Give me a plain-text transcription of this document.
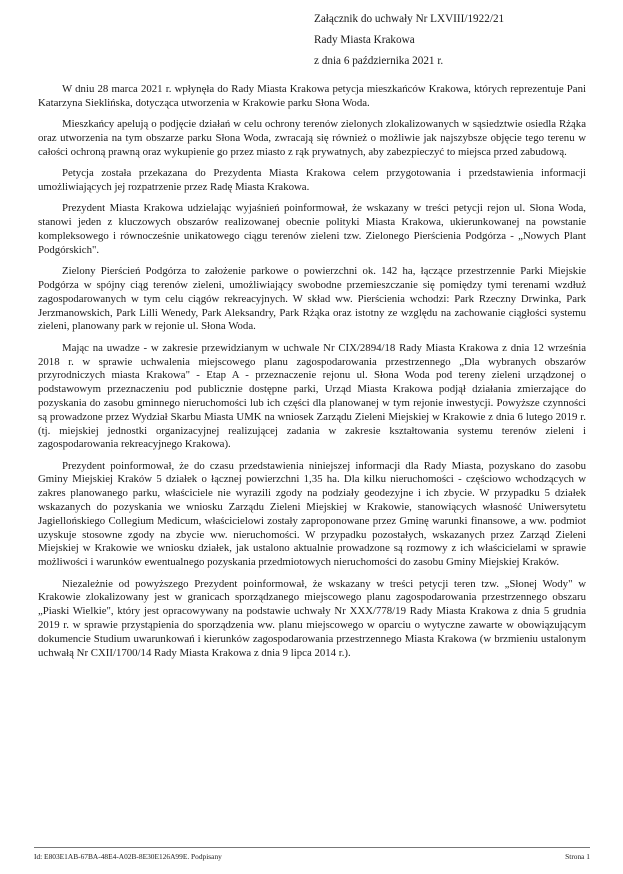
Załącznik do uchwały Nr LXVIII/1922/21
Rady Miasta Krakowa
z dnia 6 października 2021 r.

W dniu 28 marca 2021 r. wpłynęła do Rady Miasta Krakowa petycja mieszkańców Krakowa, których reprezentuje Pani Katarzyna Sieklińska, dotycząca utworzenia w Krakowie parku Słona Woda.

Mieszkańcy apelują o podjęcie działań w celu ochrony terenów zielonych zlokalizowanych w sąsiedztwie osiedla Rżąka oraz utworzenia na tym obszarze parku Słona Woda, zwracają się również o możliwie jak najszybsze objęcie tego terenu w całości ochroną prawną oraz wykupienie go przez miasto z rąk prywatnych, aby zabezpieczyć to miejsca przed zabudową.

Petycja została przekazana do Prezydenta Miasta Krakowa celem przygotowania i przedstawienia informacji umożliwiających jej rozpatrzenie przez Radę Miasta Krakowa.

Prezydent Miasta Krakowa udzielając wyjaśnień poinformował, że wskazany w treści petycji rejon ul. Słona Woda, stanowi jeden z kluczowych obszarów realizowanej obecnie polityki Miasta Krakowa, ukierunkowanej na powstanie kompleksowego i równocześnie unikatowego ciągu terenów zieleni tzw. Zielonego Pierścienia Podgórza - „Nowych Plant Podgórskich".

Zielony Pierścień Podgórza to założenie parkowe o powierzchni ok. 142 ha, łączące przestrzennie Parki Miejskie Podgórza w spójny ciąg terenów zieleni, umożliwiający swobodne przemieszczanie się pomiędzy tymi terenami wzdłuż zagospodarowanych w tym celu ciągów rekreacyjnych. W skład ww. Pierścienia wchodzi: Park Rzeczny Drwinka, Park Jerzmanowskich, Park Lilli Wenedy, Park Aleksandry, Park Rżąka oraz istotny ze względu na zachowanie ciągłości systemu zieleni, planowany park w rejonie ul. Słona Woda.

Mając na uwadze - w zakresie przewidzianym w uchwale Nr CIX/2894/18 Rady Miasta Krakowa z dnia 12 września 2018 r. w sprawie uchwalenia miejscowego planu zagospodarowania przestrzennego „Dla wybranych obszarów przyrodniczych miasta Krakowa" - Etap A - przeznaczenie rejonu ul. Słona Woda pod tereny zieleni urządzonej o podstawowym przeznaczeniu pod publicznie dostępne parki, Urząd Miasta Krakowa podjął działania zmierzające do pozyskania do zasobu gminnego nieruchomości lub ich części dla planowanej w tym rejonie inwestycji. Powyższe czynności są prowadzone przez Wydział Skarbu Miasta UMK na wniosek Zarządu Zieleni Miejskiej w Krakowie z dnia 6 lutego 2019 r. (tj. miejskiej jednostki organizacyjnej realizującej zadania w zakresie kształtowania systemu terenów zieleni i zagospodarowania rekreacyjnego Krakowa).

Prezydent poinformował, że do czasu przedstawienia niniejszej informacji dla Rady Miasta, pozyskano do zasobu Gminy Miejskiej Kraków 5 działek o łącznej powierzchni 1,35 ha. Dla kilku nieruchomości - częściowo wchodzących w zakres planowanego parku, właściciele nie wyrazili zgody na podziały geodezyjne i ich zbycie. W przypadku 5 działek wskazanych do pozyskania we wniosku Zarządu Zieleni Miejskiej w Krakowie, stanowiących własność Uniwersytetu Jagiellońskiego Collegium Medicum, właścicielowi zostały zaproponowane przez Gminę warunki finansowe, a ww. podmiot uzyskuje stosowne zgody na zbycie ww. nieruchomości. W przypadku pozostałych, wskazanych przez Zarząd Zieleni Miejskiej w Krakowie we wniosku działek, jak ustalono aktualnie prowadzone są rozmowy z ich właścicielami w sprawie możliwości i warunków ewentualnego pozyskania przedmiotowych nieruchomości do zasobu Gminy Miejskiej Kraków.

Niezależnie od powyższego Prezydent poinformował, że wskazany w treści petycji teren tzw. „Słonej Wody" w Krakowie zlokalizowany jest w granicach sporządzanego miejscowego planu zagospodarowania przestrzennego obszaru „Piaski Wielkie", który jest opracowywany na podstawie uchwały Nr XXX/778/19 Rady Miasta Krakowa z dnia 5 grudnia 2019 r. w sprawie przystąpienia do sporządzenia ww. planu miejscowego w oparciu o wytyczne zawarte w obowiązującym dokumencie Studium uwarunkowań i kierunków zagospodarowania przestrzennego Miasta Krakowa (w brzmieniu ustalonym uchwałą Nr CXII/1700/14 Rady Miasta Krakowa z dnia 9 lipca 2014 r.).

Id: E803E1AB-67BA-48E4-A02B-8E30E126A99E. Podpisany	Strona 1
